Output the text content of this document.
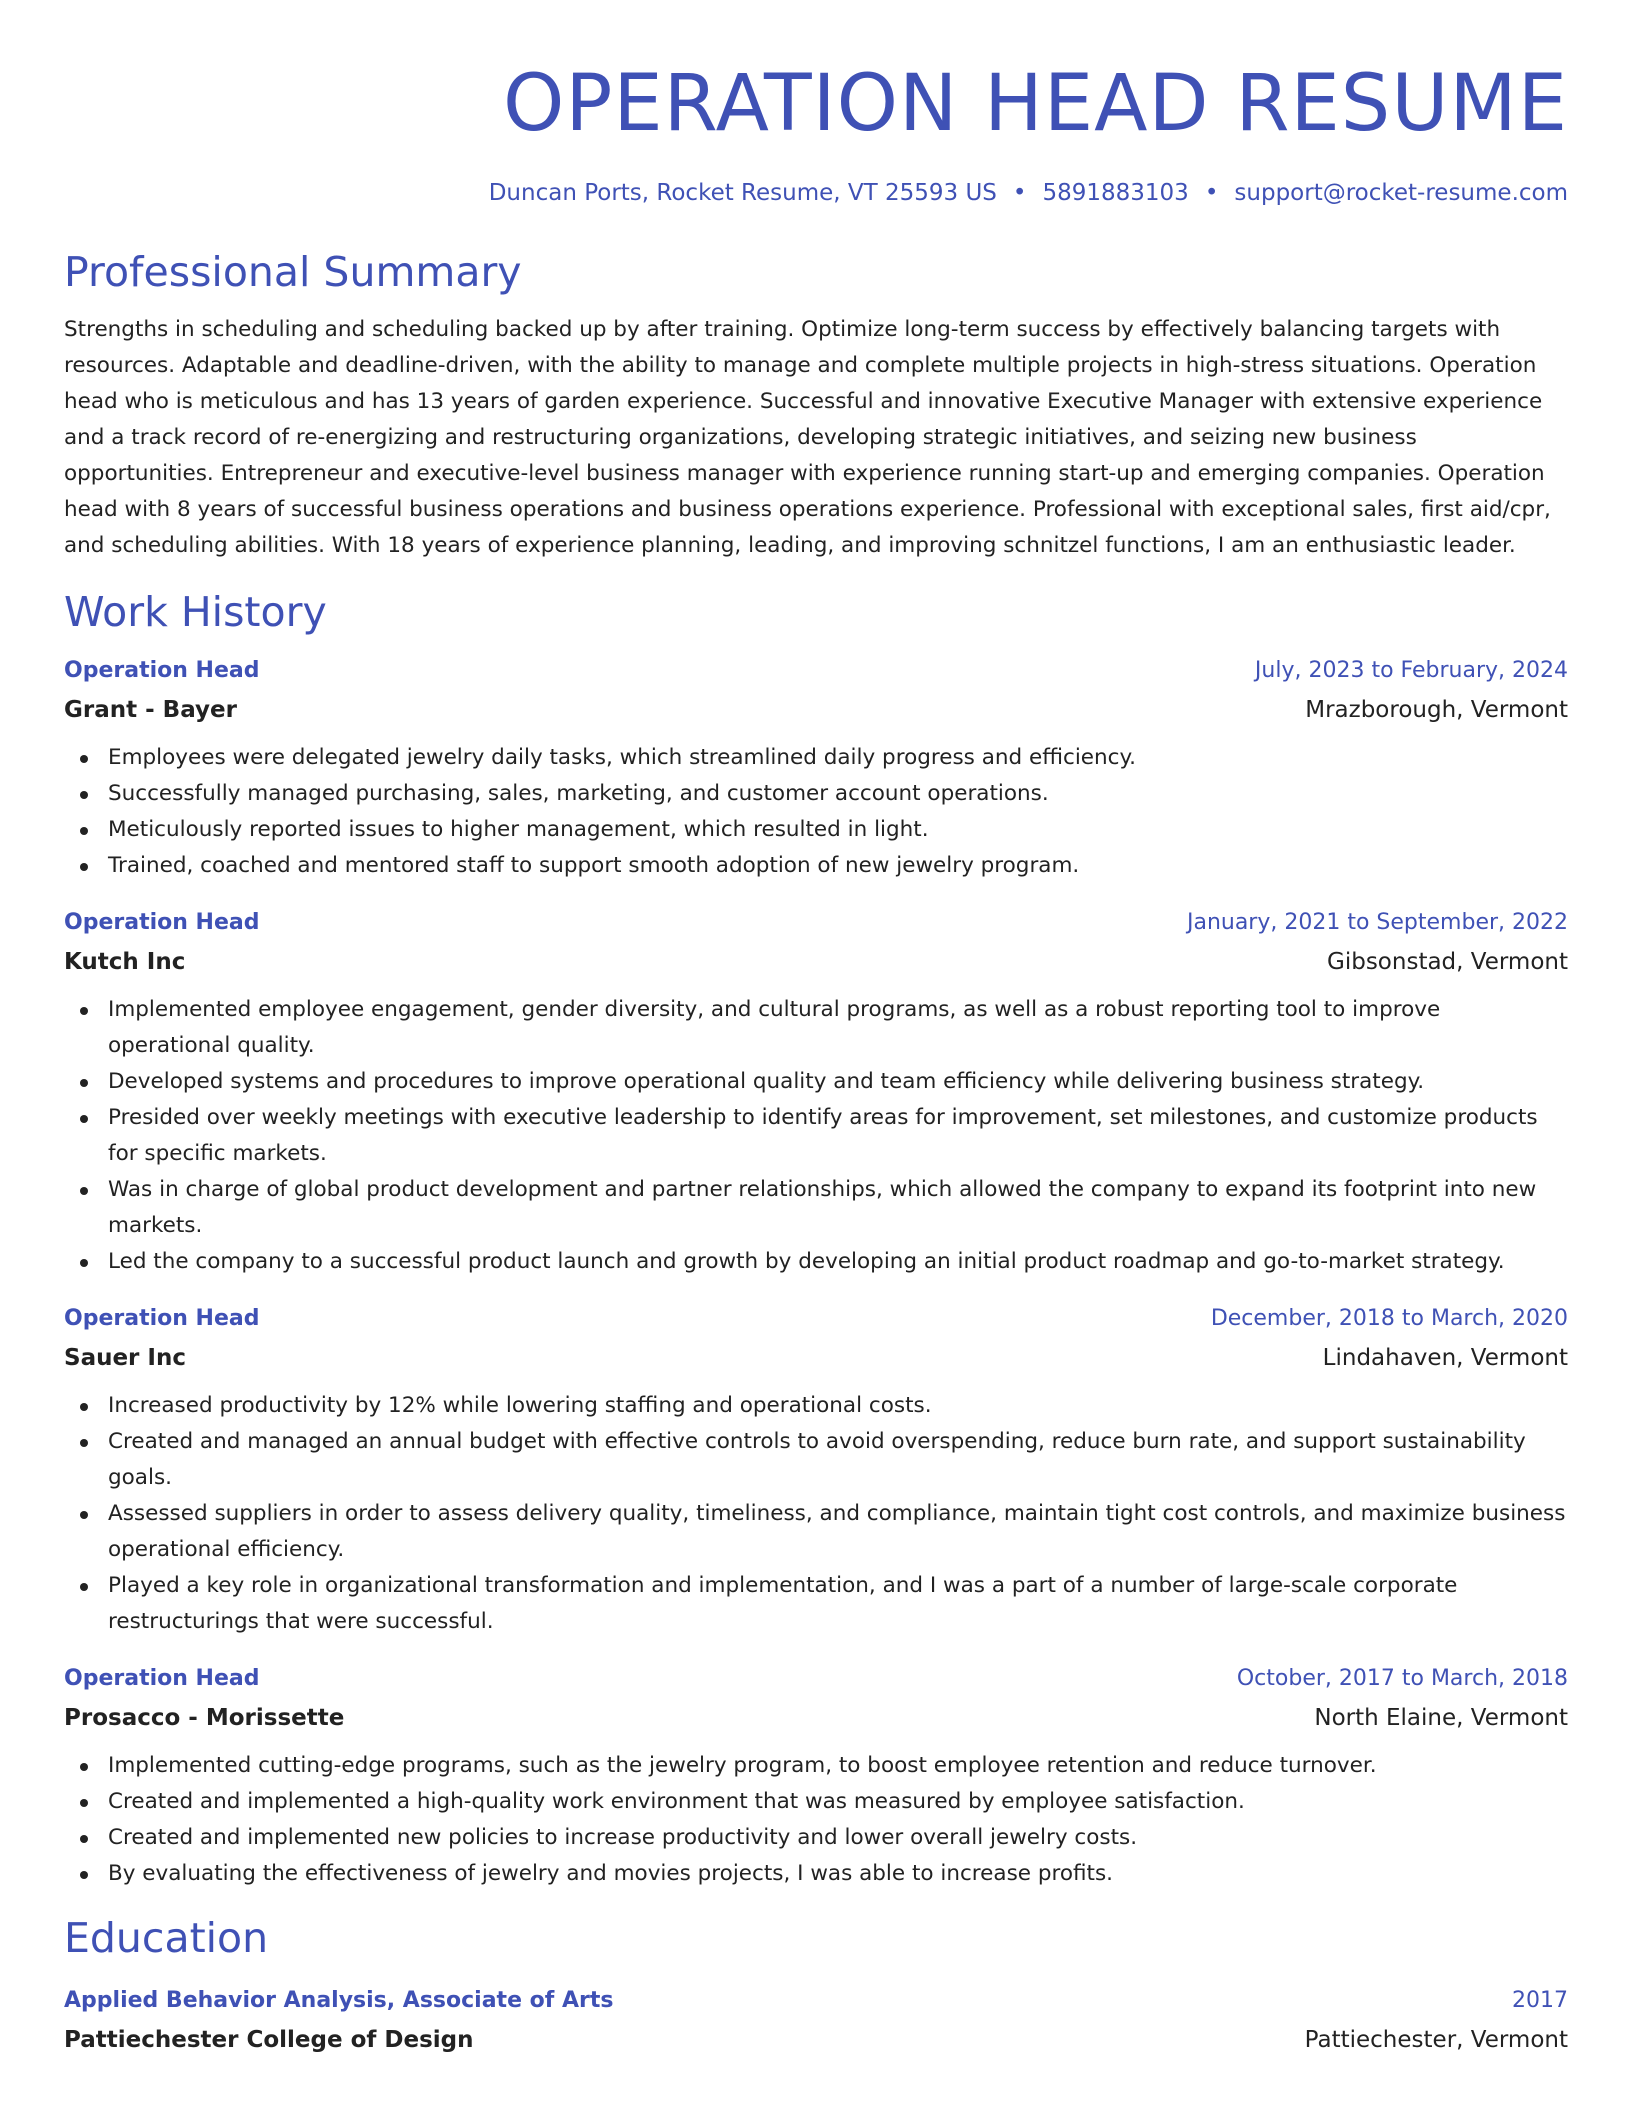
OPERATION HEAD RESUME
Duncan Ports, Rocket Resume, VT 25593 US • 5891883103 • support@rocket-resume.com
Professional Summary

Strengths in scheduling and scheduling backed up by after training. Optimize long-term success by effectively balancing targets with resources. Adaptable and deadline-driven, with the ability to manage and complete multiple projects in high-stress situations. Operation head who is meticulous and has 13 years of garden experience. Successful and innovative Executive Manager with extensive experience and a track record of re-energizing and restructuring organizations, developing strategic initiatives, and seizing new business opportunities. Entrepreneur and executive-level business manager with experience running start-up and emerging companies. Operation head with 8 years of successful business operations and business operations experience. Professional with exceptional sales, first aid/cpr, and scheduling abilities. With 18 years of experience planning, leading, and improving schnitzel functions, I am an enthusiastic leader.

Work History
Operation Head	July, 2023 to February, 2024
Grant - Bayer	Mrazborough, Vermont
Employees were delegated jewelry daily tasks, which streamlined daily progress and efficiency.
Successfully managed purchasing, sales, marketing, and customer account operations.
Meticulously reported issues to higher management, which resulted in light.
Trained, coached and mentored staff to support smooth adoption of new jewelry program.
Operation Head	January, 2021 to September, 2022
Kutch Inc	Gibsonstad, Vermont
Implemented employee engagement, gender diversity, and cultural programs, as well as a robust reporting tool to improve operational quality.
Developed systems and procedures to improve operational quality and team efficiency while delivering business strategy.
Presided over weekly meetings with executive leadership to identify areas for improvement, set milestones, and customize products for specific markets.
Was in charge of global product development and partner relationships, which allowed the company to expand its footprint into new markets.
Led the company to a successful product launch and growth by developing an initial product roadmap and go-to-market strategy.
Operation Head	December, 2018 to March, 2020
Sauer Inc	Lindahaven, Vermont
Increased productivity by 12% while lowering staffing and operational costs.
Created and managed an annual budget with effective controls to avoid overspending, reduce burn rate, and support sustainability goals.
Assessed suppliers in order to assess delivery quality, timeliness, and compliance, maintain tight cost controls, and maximize business operational efficiency.
Played a key role in organizational transformation and implementation, and I was a part of a number of large-scale corporate restructurings that were successful.
Operation Head	October, 2017 to March, 2018
Prosacco - Morissette	North Elaine, Vermont
Implemented cutting-edge programs, such as the jewelry program, to boost employee retention and reduce turnover.
Created and implemented a high-quality work environment that was measured by employee satisfaction.
Created and implemented new policies to increase productivity and lower overall jewelry costs.
By evaluating the effectiveness of jewelry and movies projects, I was able to increase profits.
Education
Applied Behavior Analysis, Associate of Arts	2017
Pattiechester College of Design	Pattiechester, Vermont
